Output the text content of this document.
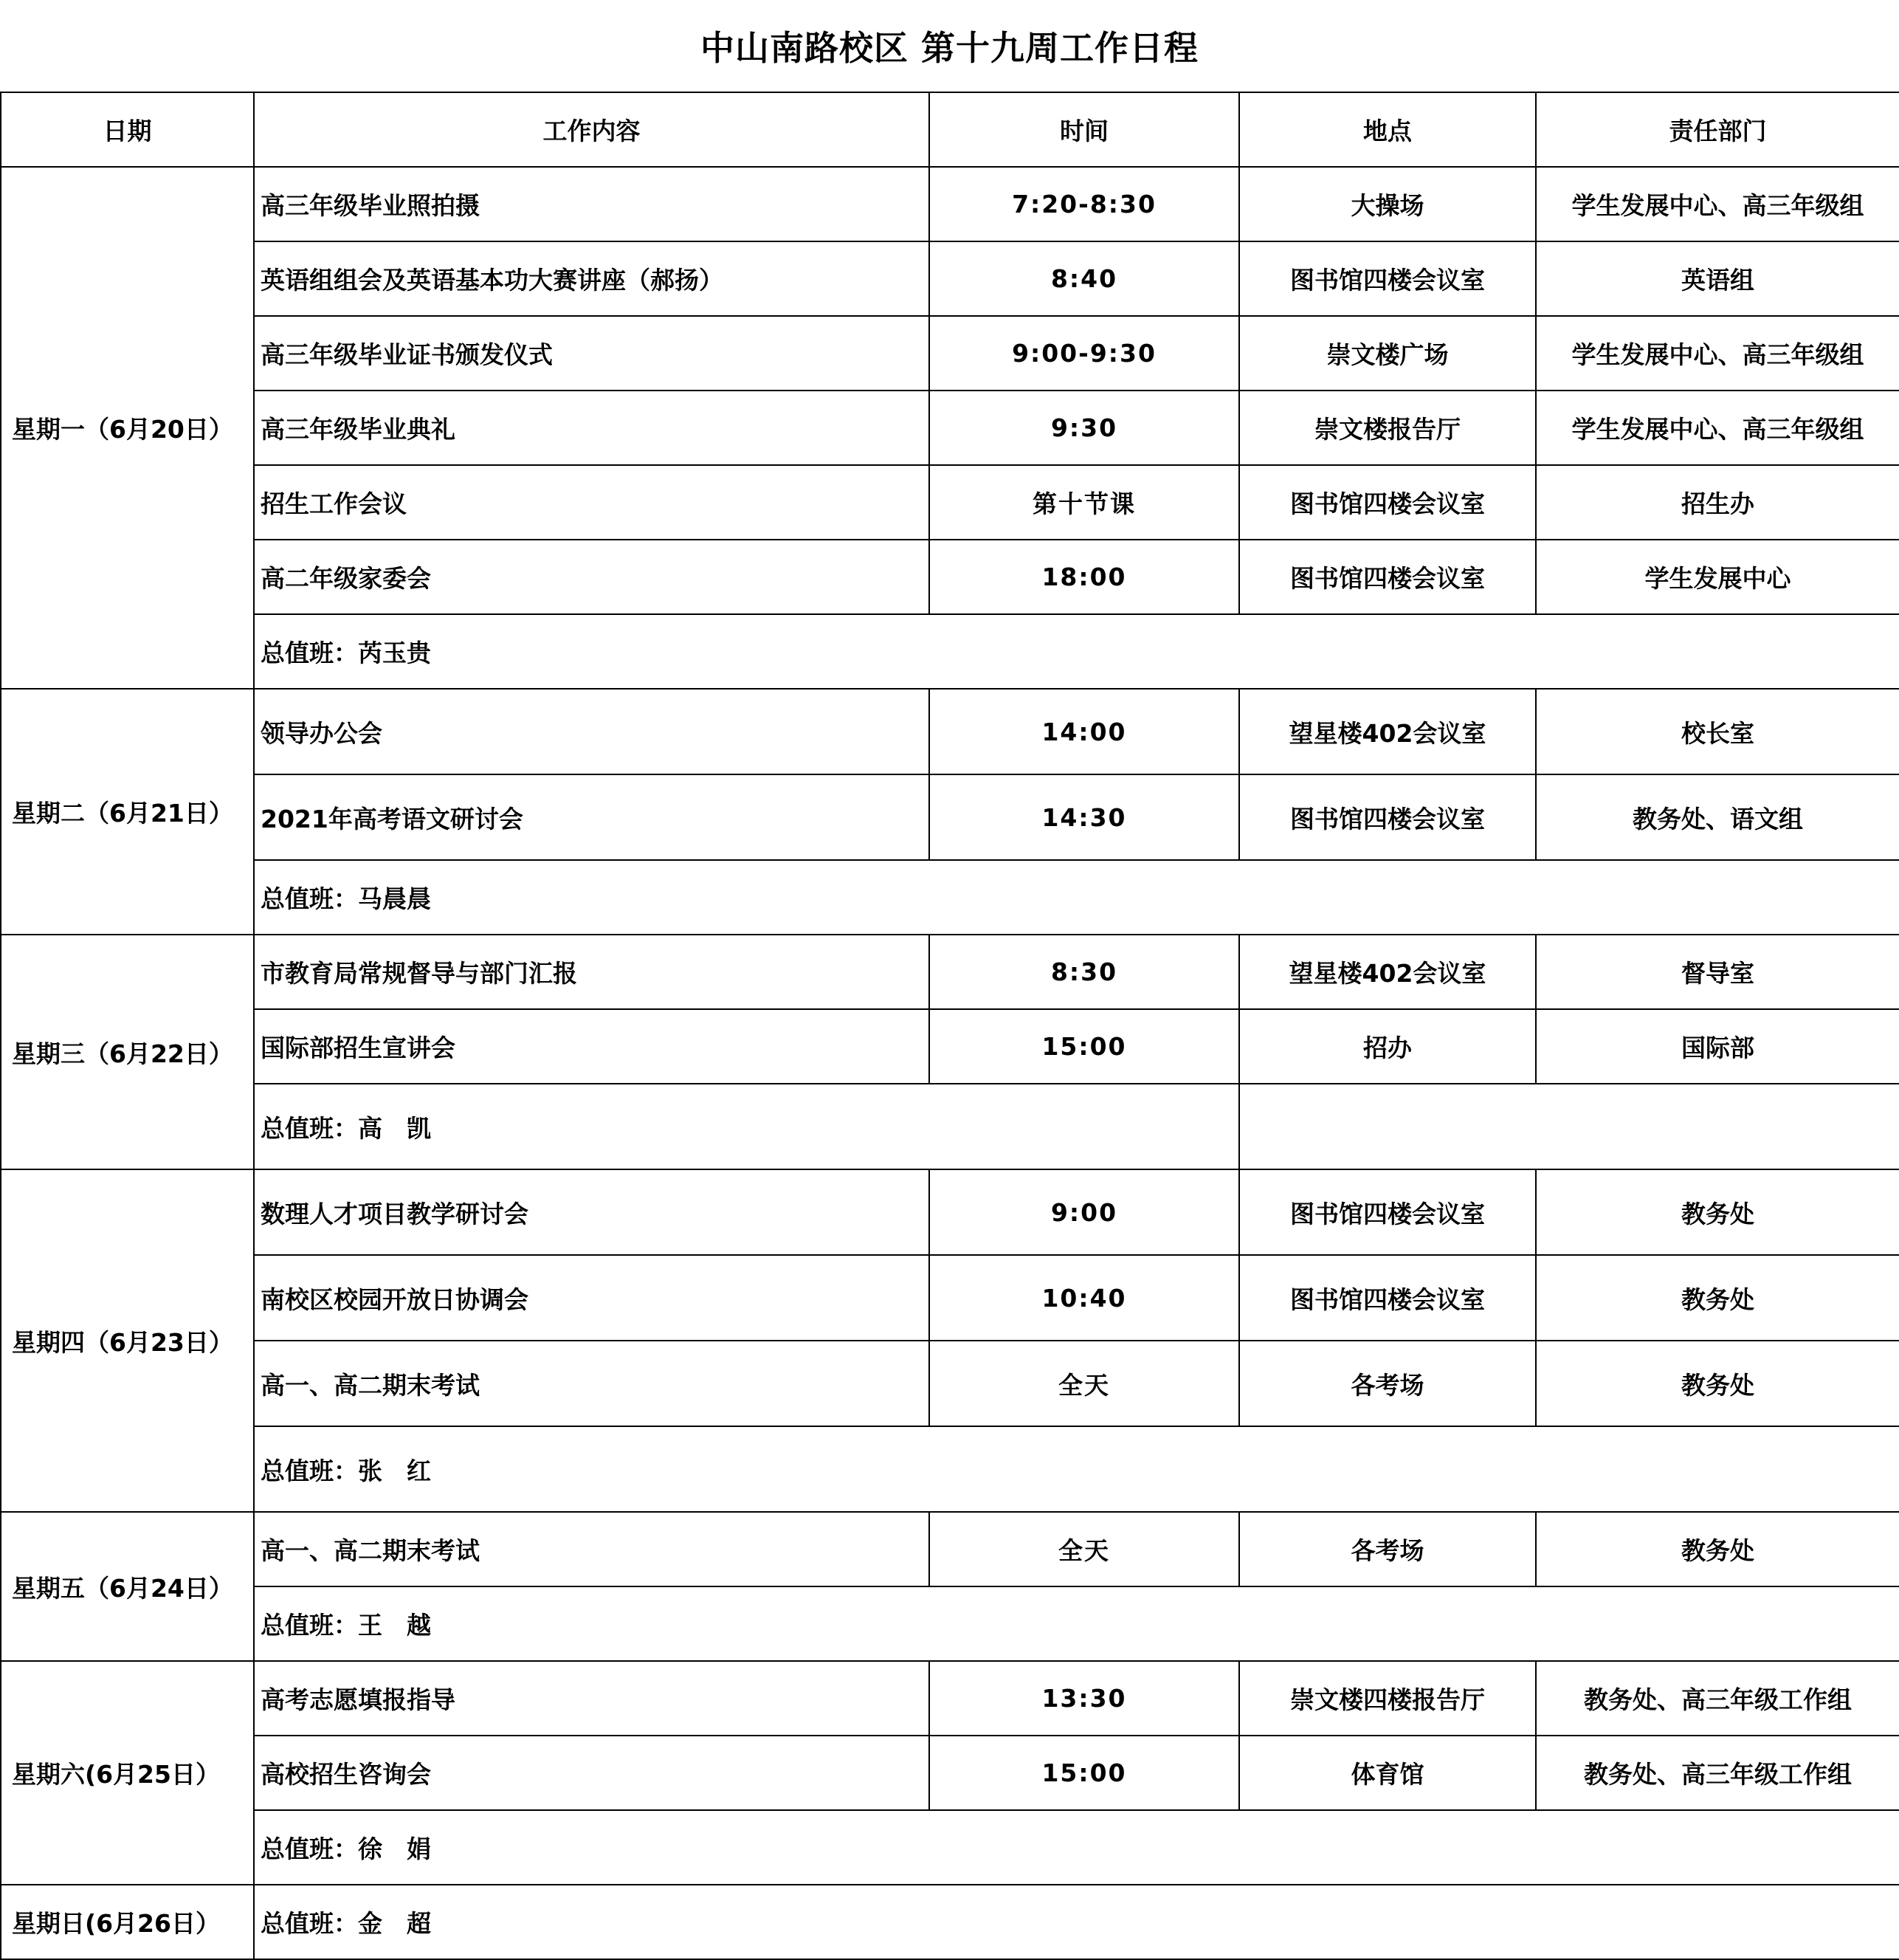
中山南路校区 第十九周工作日程
日期	工作内容	时间	地点	责任部门
星期一（6月20日）	高三年级毕业照拍摄	7:20-8:30	大操场	学生发展中心、高三年级组
	英语组组会及英语基本功大赛讲座（郝扬）	8:40	图书馆四楼会议室	英语组
	高三年级毕业证书颁发仪式	9:00-9:30	崇文楼广场	学生发展中心、高三年级组
	高三年级毕业典礼	9:30	崇文楼报告厅	学生发展中心、高三年级组
	招生工作会议	第十节课	图书馆四楼会议室	招生办
	高二年级家委会	18:00	图书馆四楼会议室	学生发展中心
	总值班：芮玉贵			
星期二（6月21日）	领导办公会	14:00	望星楼402会议室	校长室
	2021年高考语文研讨会	14:30	图书馆四楼会议室	教务处、语文组
	总值班：马晨晨			
星期三（6月22日）	市教育局常规督导与部门汇报	8:30	望星楼402会议室	督导室
	国际部招生宣讲会	15:00	招办	国际部
	总值班：高　凯			
星期四（6月23日）	数理人才项目教学研讨会	9:00	图书馆四楼会议室	教务处
	南校区校园开放日协调会	10:40	图书馆四楼会议室	教务处
	高一、高二期末考试	全天	各考场	教务处
	总值班：张　红			
星期五（6月24日）	高一、高二期末考试	全天	各考场	教务处
	总值班：王　越			
星期六(6月25日）	高考志愿填报指导	13:30	崇文楼四楼报告厅	教务处、高三年级工作组
	高校招生咨询会	15:00	体育馆	教务处、高三年级工作组
	总值班：徐　娟			
星期日(6月26日）	总值班：金　超			
